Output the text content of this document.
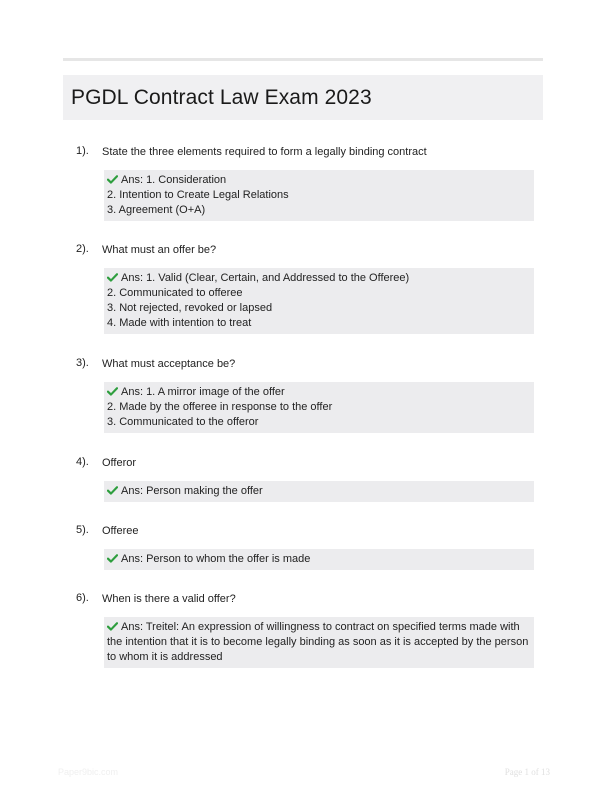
PGDL Contract Law Exam 2023
1). State the three elements required to form a legally binding contract
Ans: 1. Consideration
2. Intention to Create Legal Relations
3. Agreement (O+A)
2). What must an offer be?
Ans: 1. Valid (Clear, Certain, and Addressed to the Offeree)
2. Communicated to offeree
3. Not rejected, revoked or lapsed
4. Made with intention to treat
3). What must acceptance be?
Ans: 1. A mirror image of the offer
2. Made by the offeree in response to the offer
3. Communicated to the offeror
4). Offeror
Ans: Person making the offer
5). Offeree
Ans: Person to whom the offer is made
6). When is there a valid offer?
Ans: Treitel: An expression of willingness to contract on specified terms made with the intention that it is to become legally binding as soon as it is accepted by the person to whom it is addressed
Paper9bic.com	Page 1 of 13
